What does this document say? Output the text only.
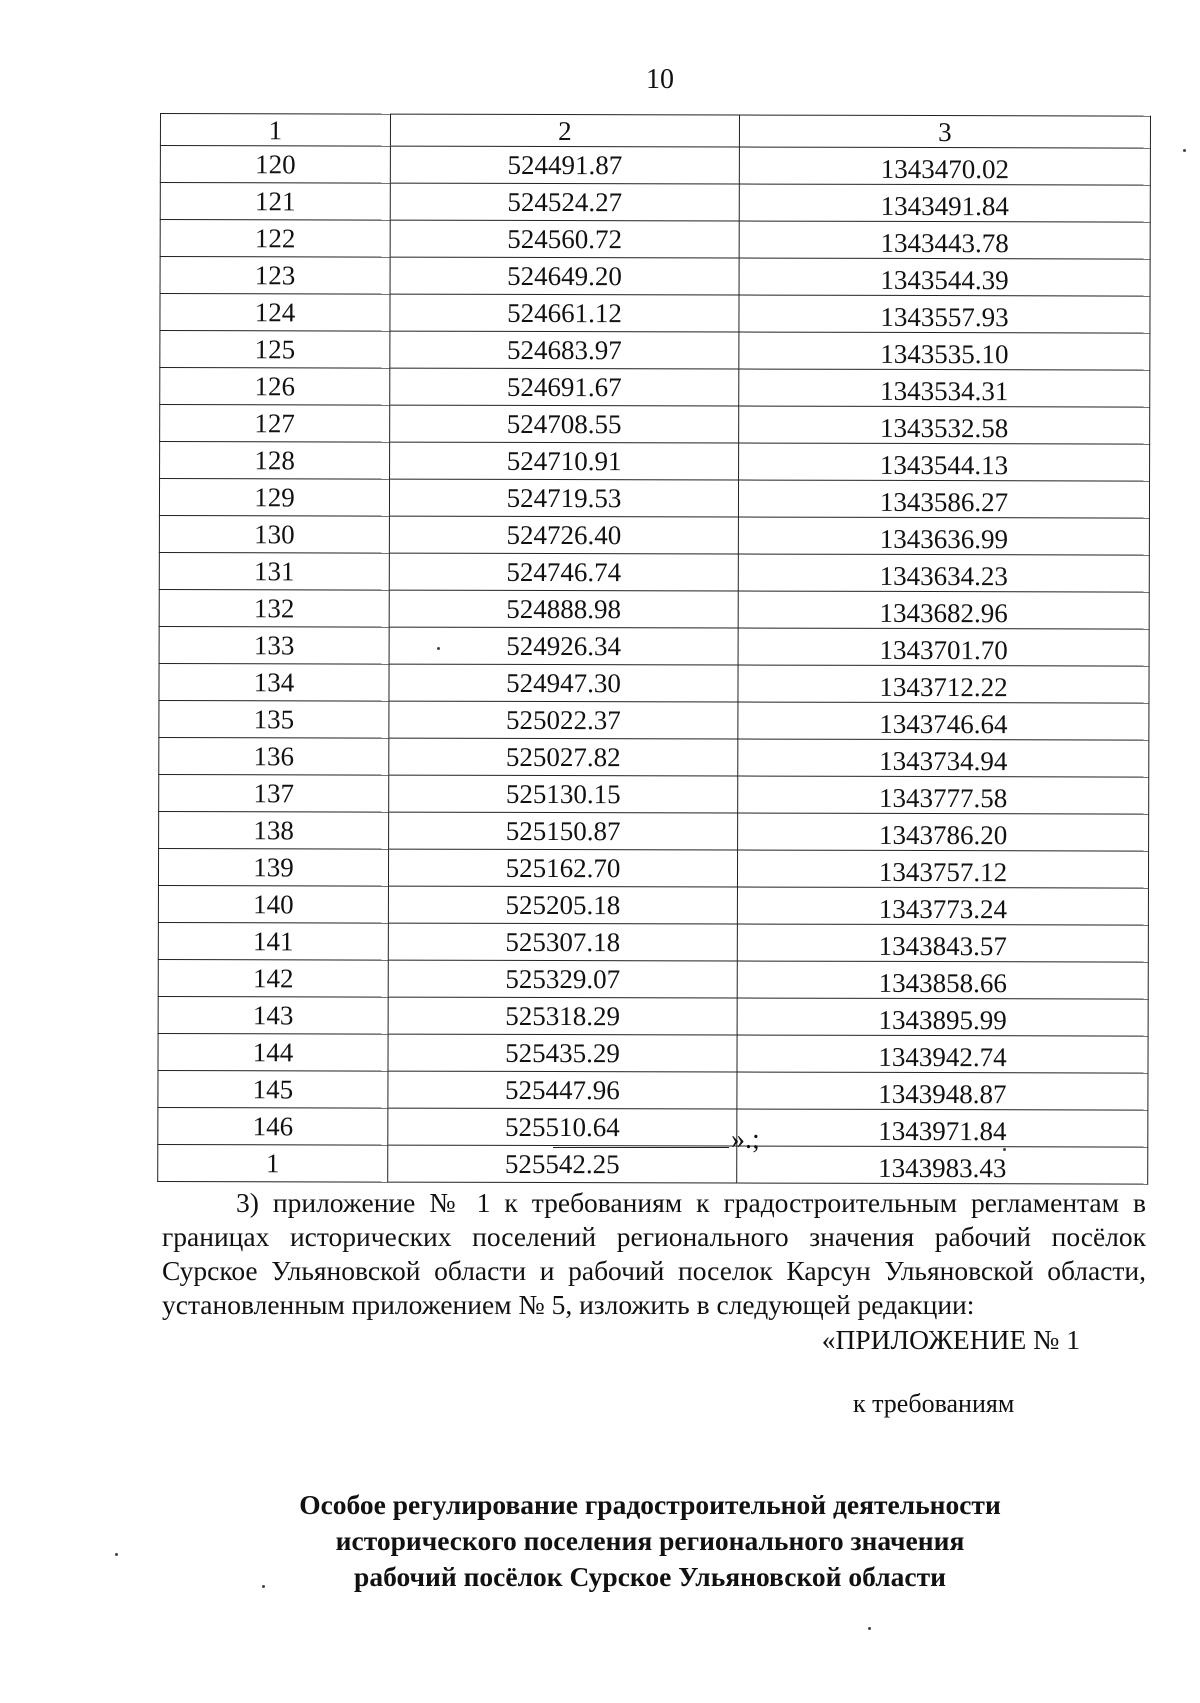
10
1	2	3
120	524491.87	1343470.02
121	524524.27	1343491.84
122	524560.72	1343443.78
123	524649.20	1343544.39
124	524661.12	1343557.93
125	524683.97	1343535.10
126	524691.67	1343534.31
127	524708.55	1343532.58
128	524710.91	1343544.13
129	524719.53	1343586.27
130	524726.40	1343636.99
131	524746.74	1343634.23
132	524888.98	1343682.96
133	524926.34	1343701.70
134	524947.30	1343712.22
135	525022.37	1343746.64
136	525027.82	1343734.94
137	525130.15	1343777.58
138	525150.87	1343786.20
139	525162.70	1343757.12
140	525205.18	1343773.24
141	525307.18	1343843.57
142	525329.07	1343858.66
143	525318.29	1343895.99
144	525435.29	1343942.74
145	525447.96	1343948.87
146	525510.64	1343971.84
1	525542.25	1343983.43
».;
3) приложение № 1 к требованиям к градостроительным регламентам в границах исторических поселений регионального значения рабочий посёлок Сурское Ульяновской области и рабочий поселок Карсун Ульяновской области, установленным приложением № 5, изложить в следующей редакции:
«ПРИЛОЖЕНИЕ № 1
к требованиям
Особое регулирование градостроительной деятельности
исторического поселения регионального значения
рабочий посёлок Сурское Ульяновской области
